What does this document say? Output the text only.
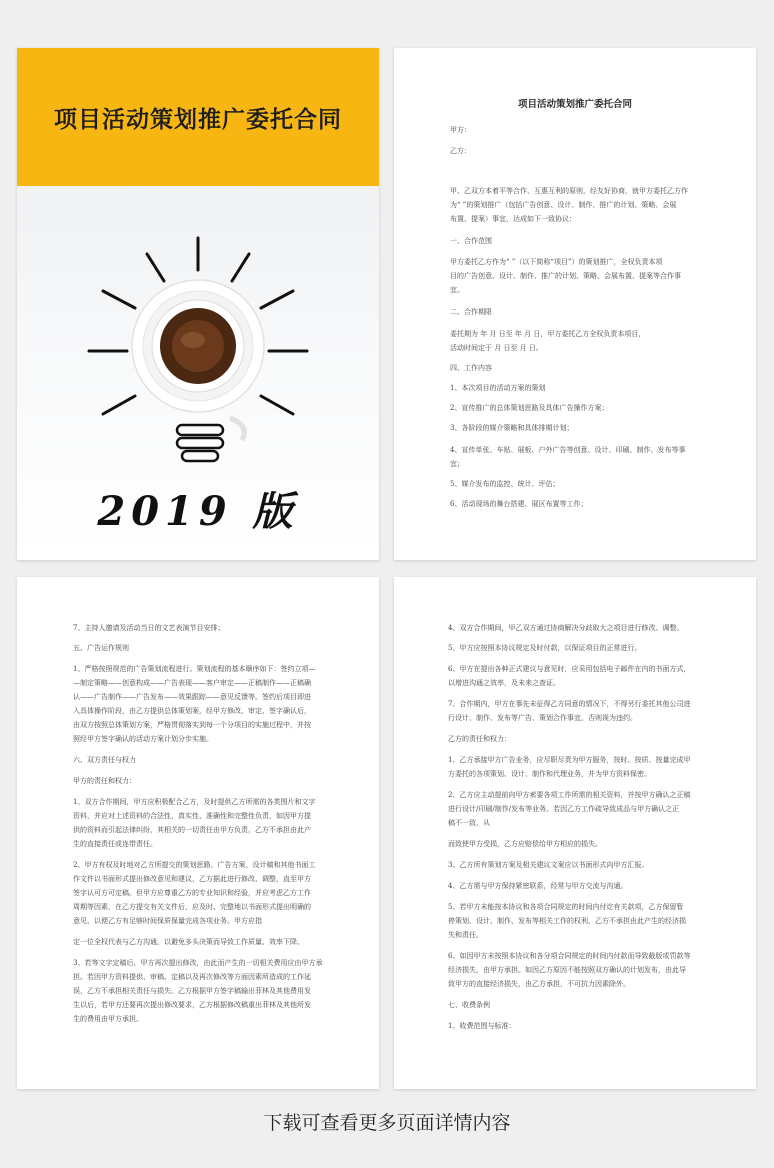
项目活动策划推广委托合同
2019 版
项目活动策划推广委托合同
甲方：
乙方：
甲、乙双方本着平等合作、互惠互利的原则，经友好协商，就甲方委托乙方作
为“ ”的策划推广（包括广告创意、设计、制作、推广的计划、策略、会展
布置、提案）事宜，达成如下一致协议：
一、合作范围
甲方委托乙方作为“ ”（以下简称“项目”）的策划推广，全权负责本项
目的广告创意、设计、制作、推广的计划、策略、会展布置、提案等合作事
宜。
二、合作期限
委托期为 年 月 日至 年 月 日，甲方委托乙方全权负责本项目，
活动时间定于 月 日至 月 日。
四、工作内容
1、本次项目的活动方案的策划
2、宣传推广的总体策划思路及具体广告操作方案；
3、各阶段的媒介策略和具体排期计划；
4、宣传单张、车贴、展板、户外广告等创意、设计、印刷、制作、发布等事
宜；
5、媒介发布的监控、统计、评估；
6、活动现场的舞台搭建、展区布置等工作；
7、主持人邀请及活动当日的文艺表演节目安排；
五、广告运作规则
1、严格按照规范的广告策划流程进行。策划流程的基本顺序如下：签约立项—
—制定策略——创意构成——广告表现——客户审定——正稿制作——正稿确
认——广告制作——广告发布——效果跟踪——意见反馈等。签约后项目即进
入具体操作阶段，由乙方提供总体策划案，经甲方修改、审定、签字确认后，
由双方按照总体策划方案，严格贯彻落实到每一个分项目的实施过程中，并按
照经甲方签字确认的活动方案计划分步实施。
六、双方责任与权力
甲方的责任和权力：
1、双方合作期间，甲方应积极配合乙方，及时提供乙方所需的各类图片和文字
资料，并应对上述资料的合法性、真实性、准确性和完整性负责，如因甲方提
供的资料而引起法律纠纷，其相关的一切责任由甲方负责，乙方不承担由此产
生的直接责任或连带责任。
2、甲方有权及时地对乙方所提交的策划思路、广告方案、设计稿和其他书面工
作文件以书面形式提出修改意见和建议，乙方据此进行修改、调整，直至甲方
签字认可方可定稿。但甲方应尊重乙方的专业知识和经验，并应考虑乙方工作
周期等因素，在乙方提交有关文件后，应及时、完整地以书面形式提出明确的
意见，以便乙方有足够时间保质保量完成各项业务。甲方应指
定一位全权代表与乙方沟通，以避免多头决策而导致工作质量、效率下降。
3、若等文字定稿后，甲方再次提出修改，由此而产生的一切相关费用应由甲方承
担。若因甲方资料提供、审稿、定稿以及再次修改等方面因素所造成的工作延
误，乙方不承担相关责任与损失。乙方根据甲方签字稿输出菲林及其他费用发
生以后，若甲方还要再次提出修改要求，乙方根据修改稿重出菲林及其他所发
生的费用由甲方承担。
4、双方合作期间，甲乙双方通过协商解决分歧取大之项目进行修改、调整。
5、甲方应按照本协议规定及时付款，以保证项目的正常进行。
6、甲方在提出各种正式建议与意见时，应采用包括电子邮件在内的书面方式，
以增进沟通之效率，及未来之查证。
7、合作期内，甲方在事先未征得乙方同意的情况下，不得另行委托其他公司进
行设计、制作、发布等广告、策划合作事宜，否则视为违约。
乙方的责任和权力：
1、乙方承接甲方广告业务，应尽职尽责为甲方服务，按时、按质、按量完成甲
方委托的各项策划、设计、制作和代理业务，并为甲方资料保密。
2、乙方应主动提前向甲方索要各项工作所需的相关资料，并按甲方确认之正稿
进行设计/印刷/制作/发布等业务。若因乙方工作疏导致成品与甲方确认之正
稿不一致，从
而致使甲方受损，乙方应赔偿给甲方相应的损失。
3、乙方所有策划方案及相关建议文案应以书面形式向甲方汇报。
4、乙方需与甲方保持紧密联系，经常与甲方交流与沟通。
5、若甲方未能按本协议和各项合同规定的时间内付讫有关款项，乙方保留暂
停策划、设计、制作、发布等相关工作的权利，乙方不承担由此产生的经济损
失和责任。
6、如因甲方未按照本协议和各分项合同规定的时间内付款而导致截版或罚款等
经济损失，由甲方承担。如因乙方原因不能按照双方确认的计划发布，由此导
致甲方的直接经济损失，由乙方承担，不可抗力因素除外。
七、收费条例
1、收费范围与标准：
下载可查看更多页面详情内容
